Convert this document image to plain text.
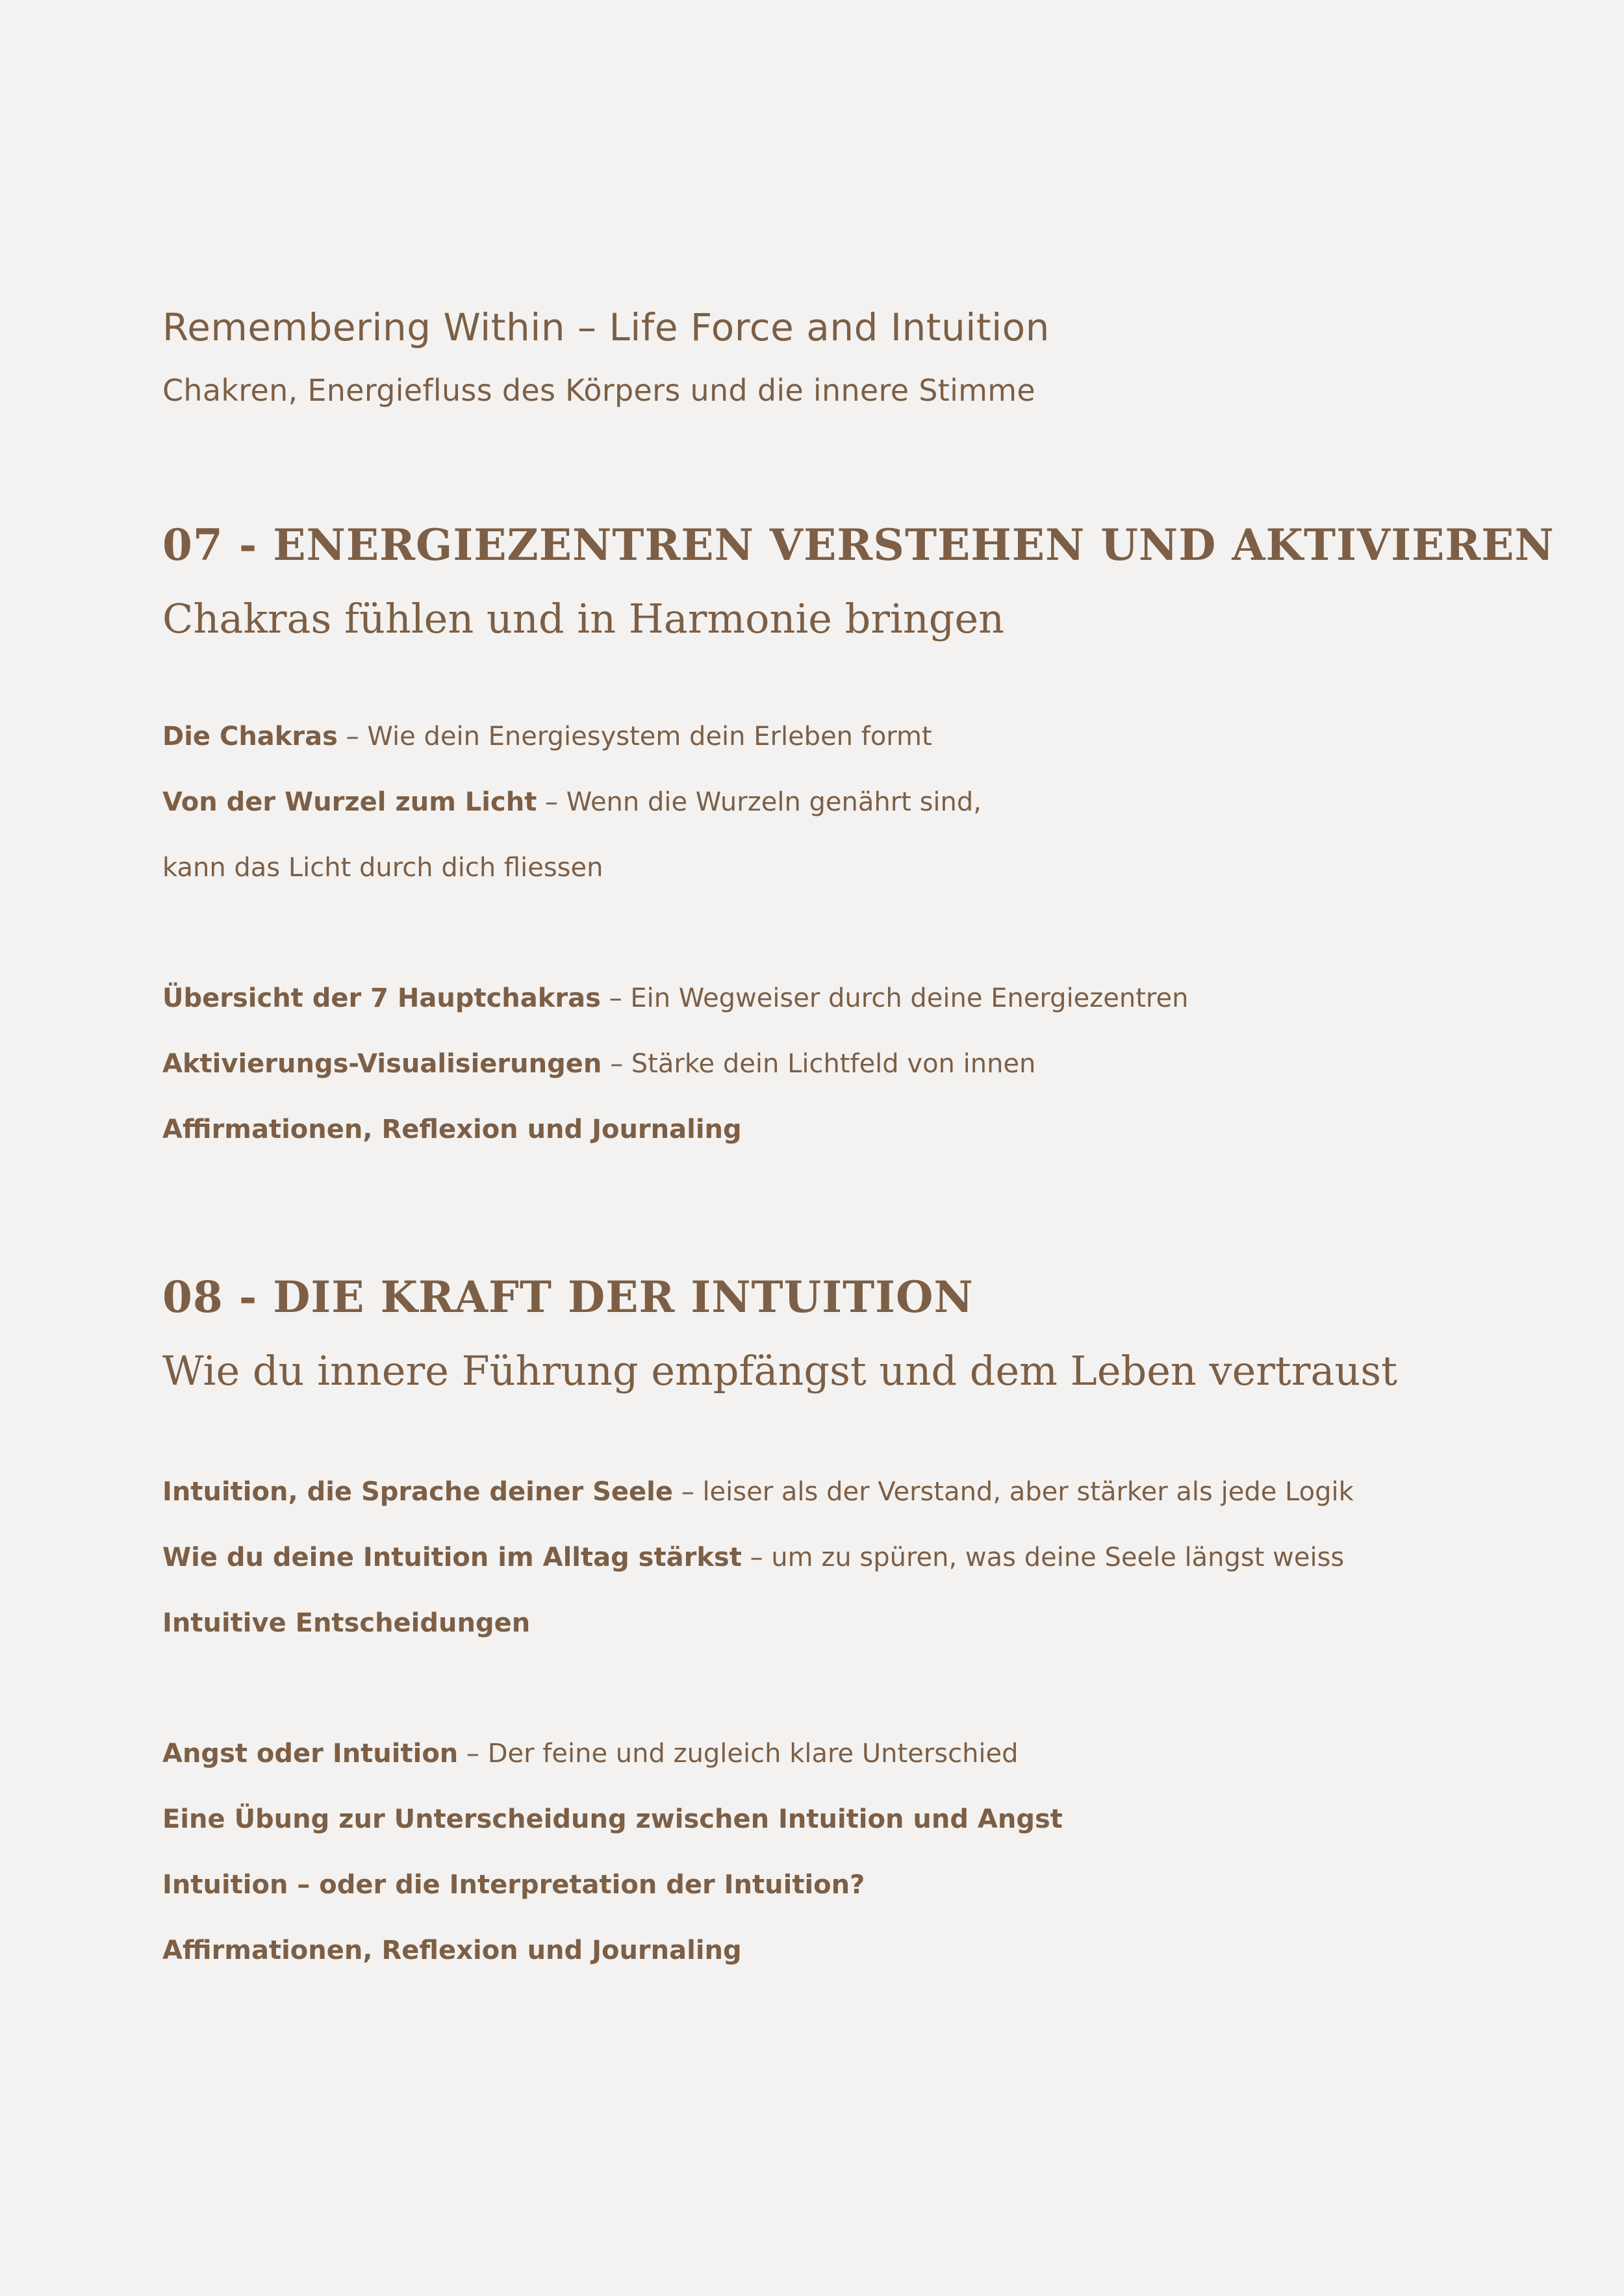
Remembering Within – Life Force and Intuition

Chakren, Energiefluss des Körpers und die innere Stimme

07 - ENERGIEZENTREN VERSTEHEN UND AKTIVIEREN

Chakras fühlen und in Harmonie bringen

Die Chakras – Wie dein Energiesystem dein Erleben formt
Von der Wurzel zum Licht – Wenn die Wurzeln genährt sind,
kann das Licht durch dich fliessen
Übersicht der 7 Hauptchakras – Ein Wegweiser durch deine Energiezentren
Aktivierungs-Visualisierungen – Stärke dein Lichtfeld von innen
Affirmationen, Reflexion und Journaling
08 - DIE KRAFT DER INTUITION

Wie du innere Führung empfängst und dem Leben vertraust

Intuition, die Sprache deiner Seele – leiser als der Verstand, aber stärker als jede Logik
Wie du deine Intuition im Alltag stärkst – um zu spüren, was deine Seele längst weiss
Intuitive Entscheidungen
Angst oder Intuition – Der feine und zugleich klare Unterschied
Eine Übung zur Unterscheidung zwischen Intuition und Angst
Intuition – oder die Interpretation der Intuition?
Affirmationen, Reflexion und Journaling
